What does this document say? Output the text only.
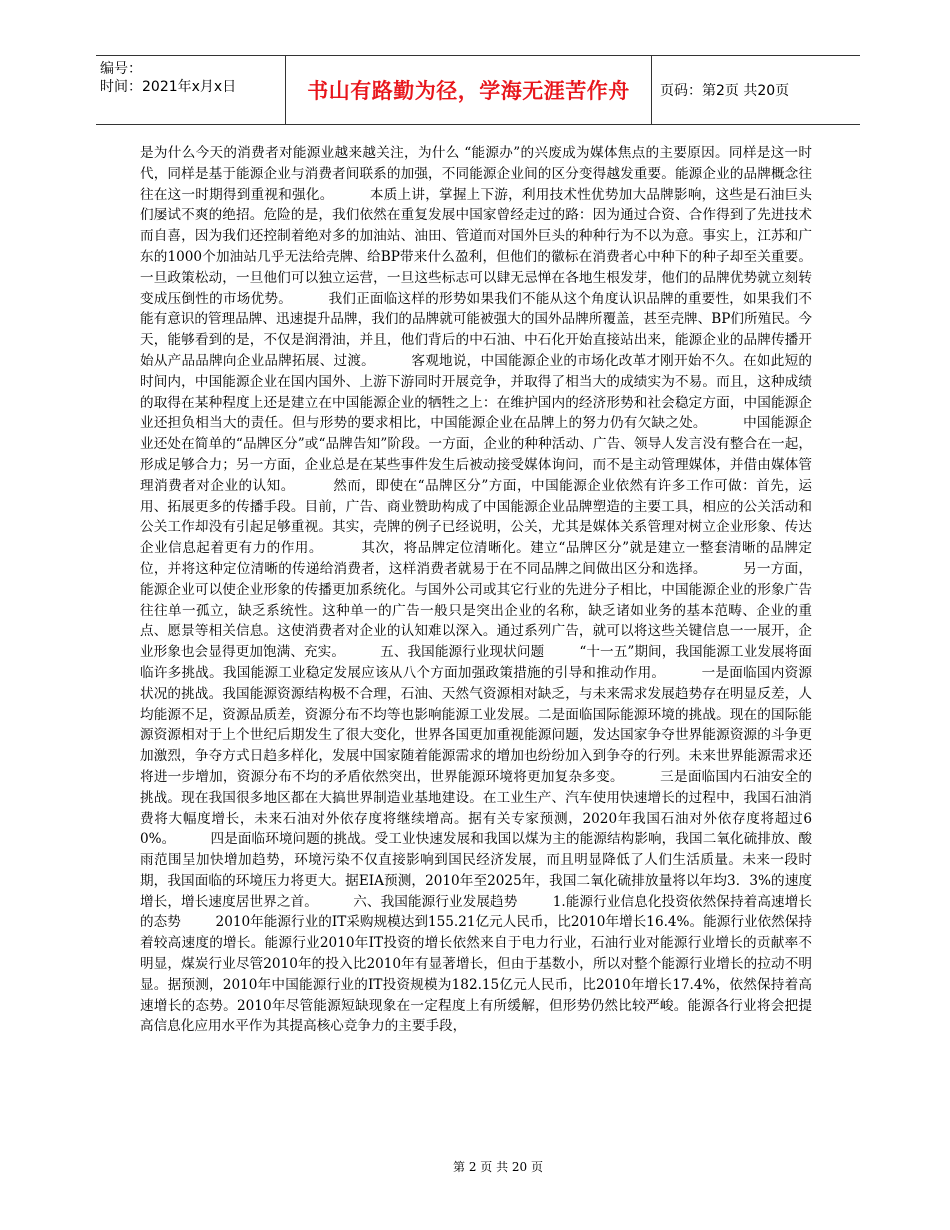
编号：
时间：2021年x月x日	书山有路勤为径，学海无涯苦作舟	页码：第2页 共20页
是为什么今天的消费者对能源业越来越关注，为什么 “能源办”的兴废成为媒体焦点的主要原因。同样是这一时代，同样是基于能源企业与消费者间联系的加强，不同能源企业间的区分变得越发重要。能源企业的品牌概念往往在这一时期得到重视和强化。        本质上讲，掌握上下游，利用技术性优势加大品牌影响，这些是石油巨头们屡试不爽的绝招。危险的是，我们依然在重复发展中国家曾经走过的路：因为通过合资、合作得到了先进技术而自喜，因为我们还控制着绝对多的加油站、油田、管道而对国外巨头的种种行为不以为意。事实上，江苏和广东的1000个加油站几乎无法给壳牌、给BP带来什么盈利，但他们的徽标在消费者心中种下的种子却至关重要。一旦政策松动，一旦他们可以独立运营，一旦这些标志可以肆无忌惮在各地生根发芽，他们的品牌优势就立刻转变成压倒性的市场优势。        我们正面临这样的形势如果我们不能从这个角度认识品牌的重要性，如果我们不能有意识的管理品牌、迅速提升品牌，我们的品牌就可能被强大的国外品牌所覆盖，甚至壳牌、BP们所殖民。今天，能够看到的是，不仅是润滑油，并且，他们背后的中石油、中石化开始直接站出来，能源企业的品牌传播开始从产品品牌向企业品牌拓展、过渡。        客观地说，中国能源企业的市场化改革才刚开始不久。在如此短的时间内，中国能源企业在国内国外、上游下游同时开展竞争，并取得了相当大的成绩实为不易。而且，这种成绩的取得在某种程度上还是建立在中国能源企业的牺牲之上：在维护国内的经济形势和社会稳定方面，中国能源企业还担负相当大的责任。但与形势的要求相比，中国能源企业在品牌上的努力仍有欠缺之处。        中国能源企业还处在简单的“品牌区分”或“品牌告知”阶段。一方面，企业的种种活动、广告、领导人发言没有整合在一起，形成足够合力；另一方面，企业总是在某些事件发生后被动接受媒体询问，而不是主动管理媒体，并借由媒体管理消费者对企业的认知。        然而，即使在“品牌区分”方面，中国能源企业依然有许多工作可做：首先，运用、拓展更多的传播手段。目前，广告、商业赞助构成了中国能源企业品牌塑造的主要工具，相应的公关活动和公关工作却没有引起足够重视。其实，壳牌的例子已经说明，公关，尤其是媒体关系管理对树立企业形象、传达企业信息起着更有力的作用。        其次，将品牌定位清晰化。建立“品牌区分”就是建立一整套清晰的品牌定位，并将这种定位清晰的传递给消费者，这样消费者就易于在不同品牌之间做出区分和选择。        另一方面，能源企业可以使企业形象的传播更加系统化。与国外公司或其它行业的先进分子相比，中国能源企业的形象广告往往单一孤立，缺乏系统性。这种单一的广告一般只是突出企业的名称，缺乏诸如业务的基本范畴、企业的重点、愿景等相关信息。这使消费者对企业的认知难以深入。通过系列广告，就可以将这些关键信息一一展开，企业形象也会显得更加饱满、充实。        五、我国能源行业现状问题        “十一五”期间，我国能源工业发展将面临许多挑战。我国能源工业稳定发展应该从八个方面加强政策措施的引导和推动作用。        一是面临国内资源状况的挑战。我国能源资源结构极不合理，石油、天然气资源相对缺乏，与未来需求发展趋势存在明显反差，人均能源不足，资源品质差，资源分布不均等也影响能源工业发展。二是面临国际能源环境的挑战。现在的国际能源资源相对于上个世纪后期发生了很大变化，世界各国更加重视能源问题，发达国家争夺世界能源资源的斗争更加激烈，争夺方式日趋多样化，发展中国家随着能源需求的增加也纷纷加入到争夺的行列。未来世界能源需求还将进一步增加，资源分布不均的矛盾依然突出，世界能源环境将更加复杂多变。        三是面临国内石油安全的挑战。现在我国很多地区都在大搞世界制造业基地建设。在工业生产、汽车使用快速增长的过程中，我国石油消费将大幅度增长，未来石油对外依存度将继续增高。据有关专家预测，2020年我国石油对外依存度将超过60%。        四是面临环境问题的挑战。受工业快速发展和我国以煤为主的能源结构影响，我国二氧化硫排放、酸雨范围呈加快增加趋势，环境污染不仅直接影响到国民经济发展，而且明显降低了人们生活质量。未来一段时期，我国面临的环境压力将更大。据EIA预测，2010年至2025年，我国二氧化硫排放量将以年均3．3%的速度增长，增长速度居世界之首。        六、我国能源行业发展趋势        1.能源行业信息化投资依然保持着高速增长的态势        2010年能源行业的IT采购规模达到155.21亿元人民币，比2010年增长16.4%。能源行业依然保持着较高速度的增长。能源行业2010年IT投资的增长依然来自于电力行业，石油行业对能源行业增长的贡献率不明显，煤炭行业尽管2010年的投入比2010年有显著增长，但由于基数小，所以对整个能源行业增长的拉动不明显。据预测，2010年中国能源行业的IT投资规模为182.15亿元人民币，比2010年增长17.4%，依然保持着高速增长的态势。2010年尽管能源短缺现象在一定程度上有所缓解，但形势仍然比较严峻。能源各行业将会把提高信息化应用水平作为其提高核心竞争力的主要手段，
第 2 页 共 20 页
